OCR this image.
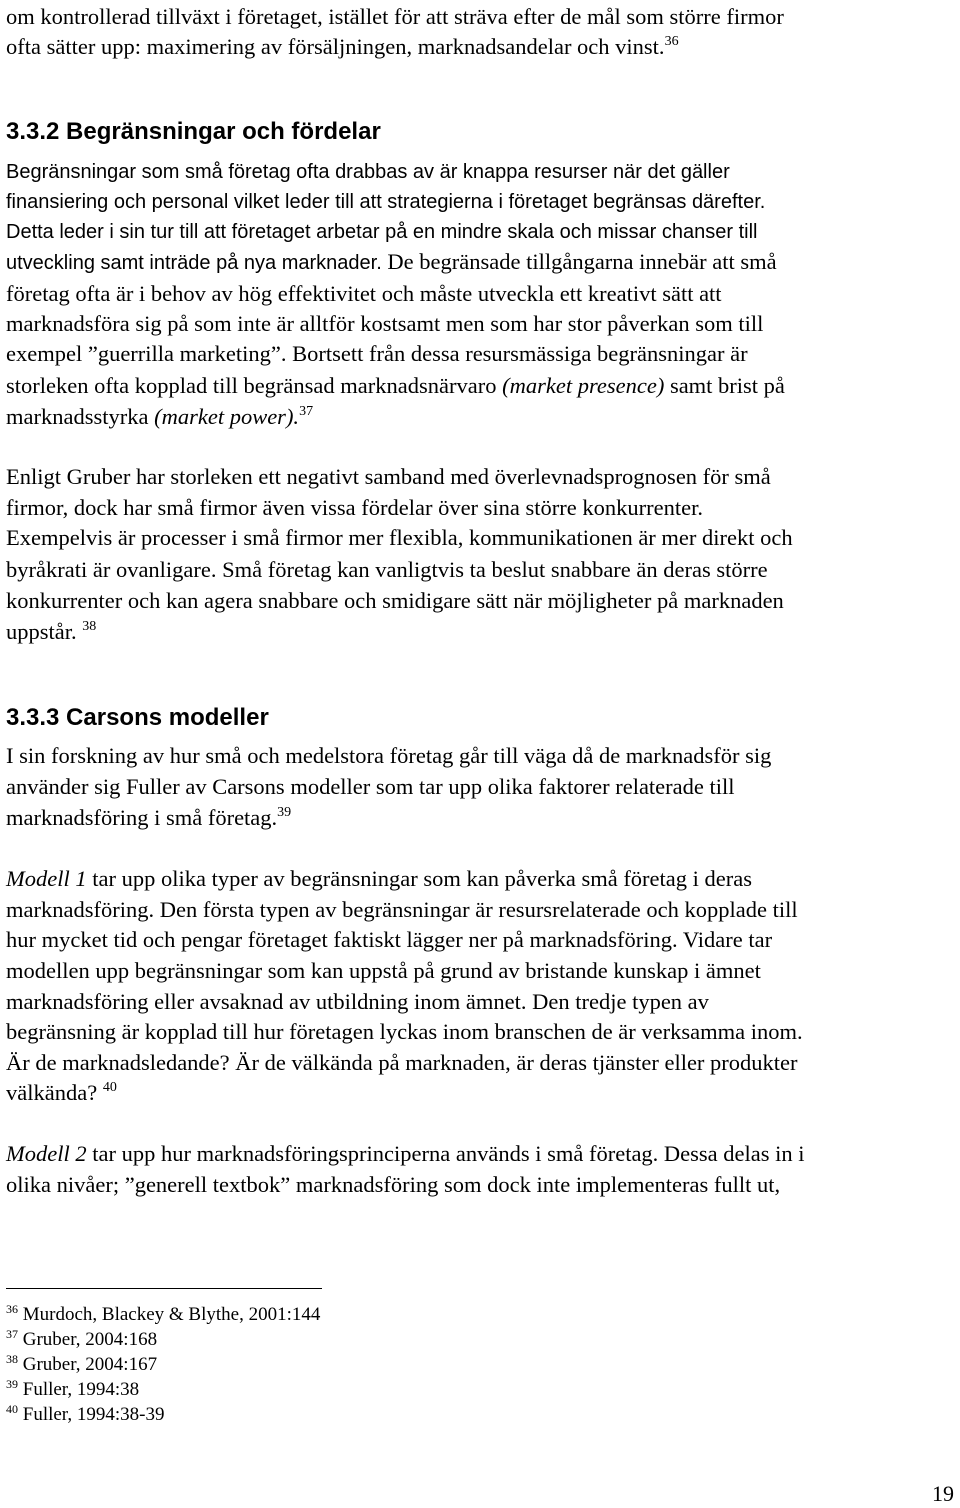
om kontrollerad tillväxt i företaget, istället för att sträva efter de mål som större firmor
ofta sätter upp: maximering av försäljningen, marknadsandelar och vinst.$^{36}$
3.3.2 Begränsningar och fördelar
Begränsningar som små företag ofta drabbas av är knappa resurser när det gäller
finansiering och personal vilket leder till att strategierna i företaget begränsas därefter.
Detta leder i sin tur till att företaget arbetar på en mindre skala och missar chanser till
utveckling samt inträde på nya marknader. De begränsade tillgångarna innebär att små
företag ofta är i behov av hög effektivitet och måste utveckla ett kreativt sätt att
marknadsföra sig på som inte är alltför kostsamt men som har stor påverkan som till
exempel ”guerrilla marketing”. Bortsett från dessa resursmässiga begränsningar är
storleken ofta kopplad till begränsad marknadsnärvaro (market presence) samt brist på
marknadsstyrka (market power).$^{37}$
Enligt Gruber har storleken ett negativt samband med överlevnadsprognosen för små
firmor, dock har små firmor även vissa fördelar över sina större konkurrenter.
Exempelvis är processer i små firmor mer flexibla, kommunikationen är mer direkt och
byråkrati är ovanligare. Små företag kan vanligtvis ta beslut snabbare än deras större
konkurrenter och kan agera snabbare och smidigare sätt när möjligheter på marknaden
uppstår. $^{38}$
3.3.3 Carsons modeller
I sin forskning av hur små och medelstora företag går till väga då de marknadsför sig
använder sig Fuller av Carsons modeller som tar upp olika faktorer relaterade till
marknadsföring i små företag.$^{39}$
Modell 1 tar upp olika typer av begränsningar som kan påverka små företag i deras
marknadsföring. Den första typen av begränsningar är resursrelaterade och kopplade till
hur mycket tid och pengar företaget faktiskt lägger ner på marknadsföring. Vidare tar
modellen upp begränsningar som kan uppstå på grund av bristande kunskap i ämnet
marknadsföring eller avsaknad av utbildning inom ämnet. Den tredje typen av
begränsning är kopplad till hur företagen lyckas inom branschen de är verksamma inom.
Är de marknadsledande? Är de välkända på marknaden, är deras tjänster eller produkter
välkända? $^{40}$
Modell 2 tar upp hur marknadsföringsprinciperna används i små företag. Dessa delas in i
olika nivåer; ”generell textbok” marknadsföring som dock inte implementeras fullt ut,
$^{36}$ Murdoch, Blackey & Blythe, 2001:144
$^{37}$ Gruber, 2004:168
$^{38}$ Gruber, 2004:167
$^{39}$ Fuller, 1994:38
$^{40}$ Fuller, 1994:38-39
19
